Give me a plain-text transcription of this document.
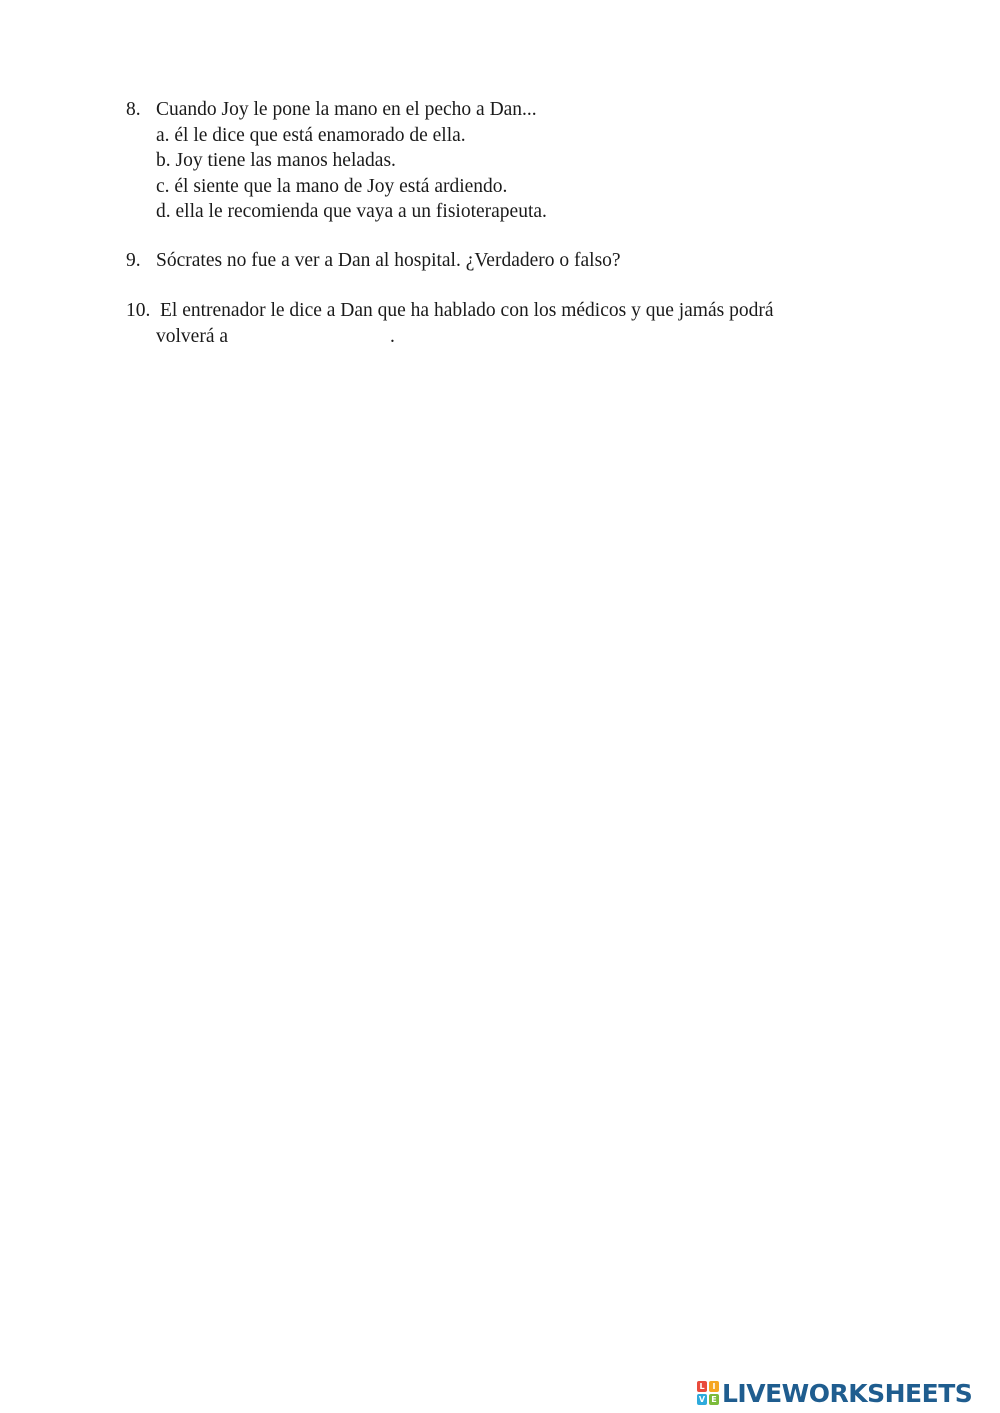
8. Cuando Joy le pone la mano en el pecho a Dan...
a. él le dice que está enamorado de ella.
b. Joy tiene las manos heladas.
c. él siente que la mano de Joy está ardiendo.
d. ella le recomienda que vaya a un fisioterapeuta.
9. Sócrates no fue a ver a Dan al hospital. ¿Verdadero o falso?
10. El entrenador le dice a Dan que ha hablado con los médicos y que jamás podrá
volverá a	.
L I
V E LIVEWORKSHEETS
